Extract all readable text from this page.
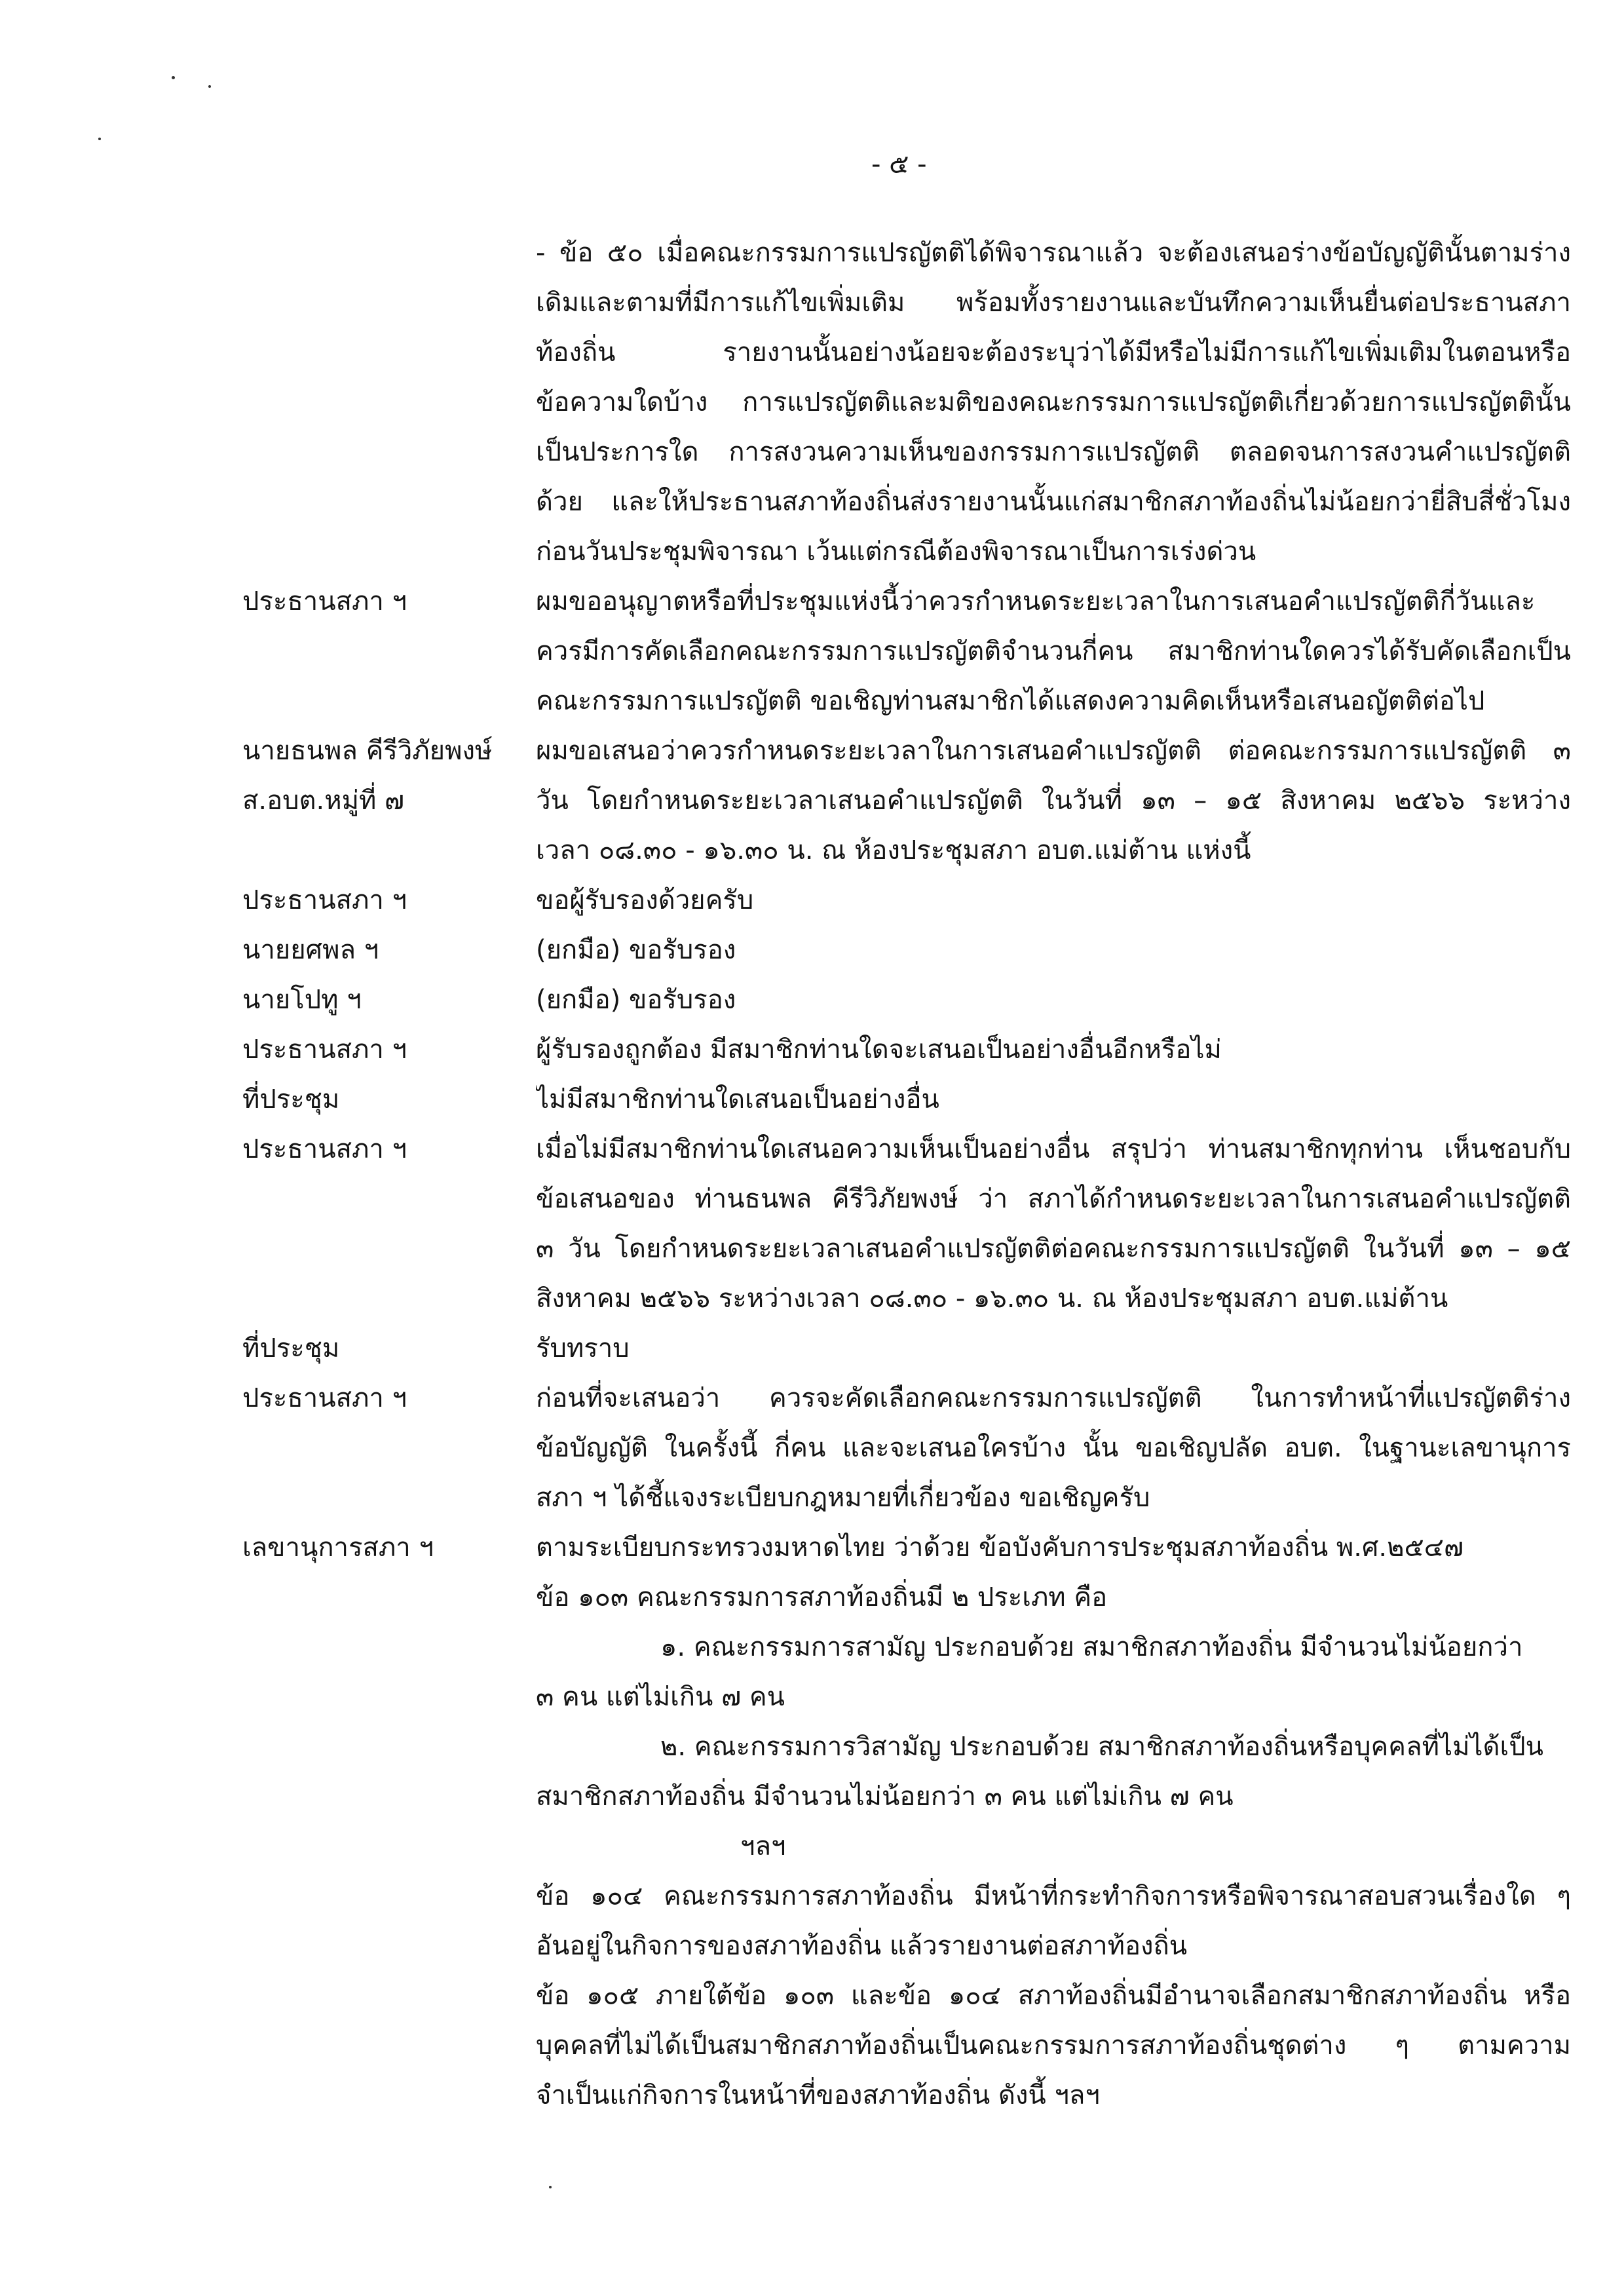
- ๕ -
- ข้อ ๕๐ เมื่อคณะกรรมการแปรญัตติได้พิจารณาแล้ว จะต้องเสนอร่างข้อบัญญัตินั้นตามร่าง
เดิมและตามที่มีการแก้ไขเพิ่มเติม พร้อมทั้งรายงานและบันทึกความเห็นยื่นต่อประธานสภา
ท้องถิ่น รายงานนั้นอย่างน้อยจะต้องระบุว่าได้มีหรือไม่มีการแก้ไขเพิ่มเติมในตอนหรือ
ข้อความใดบ้าง การแปรญัตติและมติของคณะกรรมการแปรญัตติเกี่ยวด้วยการแปรญัตตินั้น
เป็นประการใด การสงวนความเห็นของกรรมการแปรญัตติ ตลอดจนการสงวนคำแปรญัตติ
ด้วย และให้ประธานสภาท้องถิ่นส่งรายงานนั้นแก่สมาชิกสภาท้องถิ่นไม่น้อยกว่ายี่สิบสี่ชั่วโมง
ก่อนวันประชุมพิจารณา เว้นแต่กรณีต้องพิจารณาเป็นการเร่งด่วน
ประธานสภา ฯ	ผมขออนุญาตหรือที่ประชุมแห่งนี้ว่าควรกำหนดระยะเวลาในการเสนอคำแปรญัตติกี่วันและ
ควรมีการคัดเลือกคณะกรรมการแปรญัตติจำนวนกี่คน สมาชิกท่านใดควรได้รับคัดเลือกเป็น
คณะกรรมการแปรญัตติ ขอเชิญท่านสมาชิกได้แสดงความคิดเห็นหรือเสนอญัตติต่อไป
นายธนพล คีรีวิภัยพงษ์ ผมขอเสนอว่าควรกำหนดระยะเวลาในการเสนอคำแปรญัตติ ต่อคณะกรรมการแปรญัตติ ๓
ส.อบต.หมู่ที่ ๗	วัน โดยกำหนดระยะเวลาเสนอคำแปรญัตติ ในวันที่ ๑๓ – ๑๕ สิงหาคม ๒๕๖๖ ระหว่าง
เวลา ๐๘.๓๐ - ๑๖.๓๐ น. ณ ห้องประชุมสภา อบต.แม่ต้าน แห่งนี้
ประธานสภา ฯ	ขอผู้รับรองด้วยครับ
นายยศพล ฯ	(ยกมือ) ขอรับรอง
นายโปทู ฯ	(ยกมือ) ขอรับรอง
ประธานสภา ฯ	ผู้รับรองถูกต้อง มีสมาชิกท่านใดจะเสนอเป็นอย่างอื่นอีกหรือไม่
ที่ประชุม	ไม่มีสมาชิกท่านใดเสนอเป็นอย่างอื่น
ประธานสภา ฯ	เมื่อไม่มีสมาชิกท่านใดเสนอความเห็นเป็นอย่างอื่น สรุปว่า ท่านสมาชิกทุกท่าน เห็นชอบกับ
ข้อเสนอของ ท่านธนพล คีรีวิภัยพงษ์ ว่า สภาได้กำหนดระยะเวลาในการเสนอคำแปรญัตติ
๓ วัน โดยกำหนดระยะเวลาเสนอคำแปรญัตติต่อคณะกรรมการแปรญัตติ ในวันที่ ๑๓ – ๑๕
สิงหาคม ๒๕๖๖ ระหว่างเวลา ๐๘.๓๐ - ๑๖.๓๐ น. ณ ห้องประชุมสภา อบต.แม่ต้าน
ที่ประชุม	รับทราบ
ประธานสภา ฯ	ก่อนที่จะเสนอว่า ควรจะคัดเลือกคณะกรรมการแปรญัตติ ในการทำหน้าที่แปรญัตติร่าง
ข้อบัญญัติ ในครั้งนี้ กี่คน และจะเสนอใครบ้าง นั้น ขอเชิญปลัด อบต. ในฐานะเลขานุการ
สภา ฯ ได้ชี้แจงระเบียบกฎหมายที่เกี่ยวข้อง ขอเชิญครับ
เลขานุการสภา ฯ	ตามระเบียบกระทรวงมหาดไทย ว่าด้วย ข้อบังคับการประชุมสภาท้องถิ่น พ.ศ.๒๕๔๗
ข้อ ๑๐๓ คณะกรรมการสภาท้องถิ่นมี ๒ ประเภท คือ
๑. คณะกรรมการสามัญ ประกอบด้วย สมาชิกสภาท้องถิ่น มีจำนวนไม่น้อยกว่า
๓ คน แต่ไม่เกิน ๗ คน
๒. คณะกรรมการวิสามัญ ประกอบด้วย สมาชิกสภาท้องถิ่นหรือบุคคลที่ไม่ได้เป็น
สมาชิกสภาท้องถิ่น มีจำนวนไม่น้อยกว่า ๓ คน แต่ไม่เกิน ๗ คน
ฯลฯ
ข้อ ๑๐๔ คณะกรรมการสภาท้องถิ่น มีหน้าที่กระทำกิจการหรือพิจารณาสอบสวนเรื่องใด ๆ
อันอยู่ในกิจการของสภาท้องถิ่น แล้วรายงานต่อสภาท้องถิ่น
ข้อ ๑๐๕ ภายใต้ข้อ ๑๐๓ และข้อ ๑๐๔ สภาท้องถิ่นมีอำนาจเลือกสมาชิกสภาท้องถิ่น หรือ
บุคคลที่ไม่ได้เป็นสมาชิกสภาท้องถิ่นเป็นคณะกรรมการสภาท้องถิ่นชุดต่าง ๆ ตามความ
จำเป็นแก่กิจการในหน้าที่ของสภาท้องถิ่น ดังนี้ ฯลฯ
